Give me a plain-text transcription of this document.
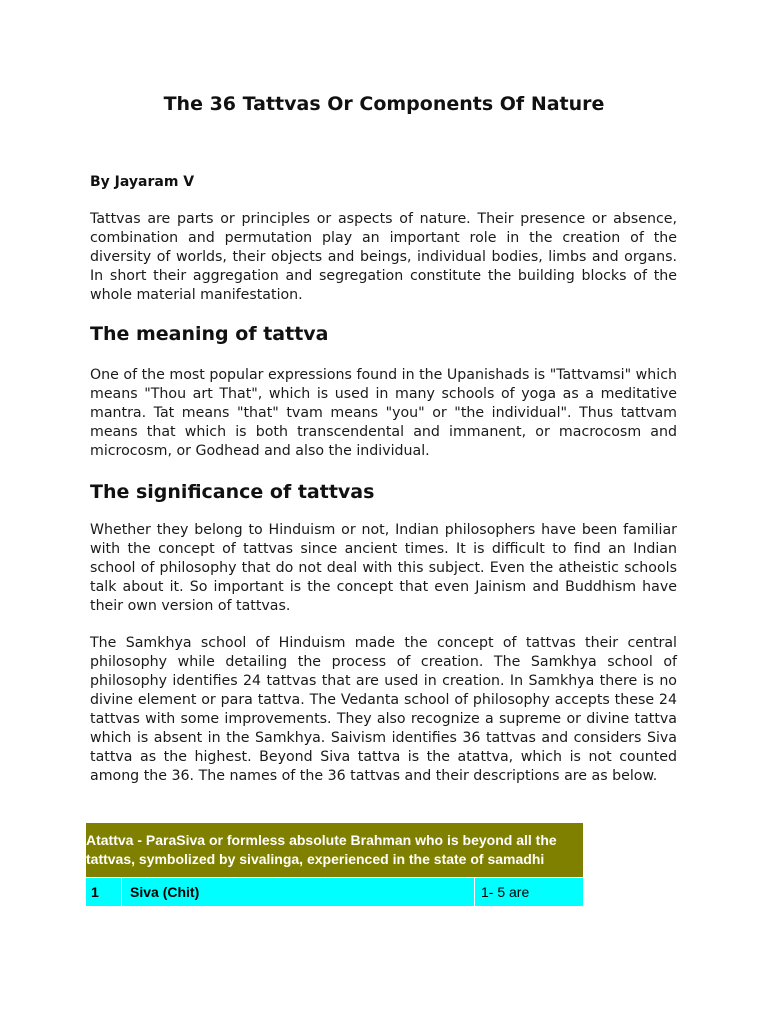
The 36 Tattvas Or Components Of Nature

By Jayaram V

Tattvas are parts or principles or aspects of nature. Their presence or absence, combination and permutation play an important role in the creation of the diversity of worlds, their objects and beings, individual bodies, limbs and organs. In short their aggregation and segregation constitute the building blocks of the whole material manifestation.

The meaning of tattva

One of the most popular expressions found in the Upanishads is "Tattvamsi" which means "Thou art That", which is used in many schools of yoga as a meditative mantra. Tat means "that" tvam means "you" or "the individual". Thus tattvam means that which is both transcendental and immanent, or macrocosm and microcosm, or Godhead and also the individual.

The significance of tattvas

Whether they belong to Hinduism or not, Indian philosophers have been familiar with the concept of tattvas since ancient times. It is difficult to find an Indian school of philosophy that do not deal with this subject. Even the atheistic schools talk about it. So important is the concept that even Jainism and Buddhism have their own version of tattvas.

The Samkhya school of Hinduism made the concept of tattvas their central philosophy while detailing the process of creation. The Samkhya school of philosophy identifies 24 tattvas that are used in creation. In Samkhya there is no divine element or para tattva. The Vedanta school of philosophy accepts these 24 tattvas with some improvements. They also recognize a supreme or divine tattva which is absent in the Samkhya. Saivism identifies 36 tattvas and considers Siva tattva as the highest. Beyond Siva tattva is the atattva, which is not counted among the 36. The names of the 36 tattvas and their descriptions are as below.

Atattva - ParaSiva or formless absolute Brahman who is beyond all the tattvas, symbolized by sivalinga, experienced in the state of samadhi
1	Siva (Chit)	1- 5 are
